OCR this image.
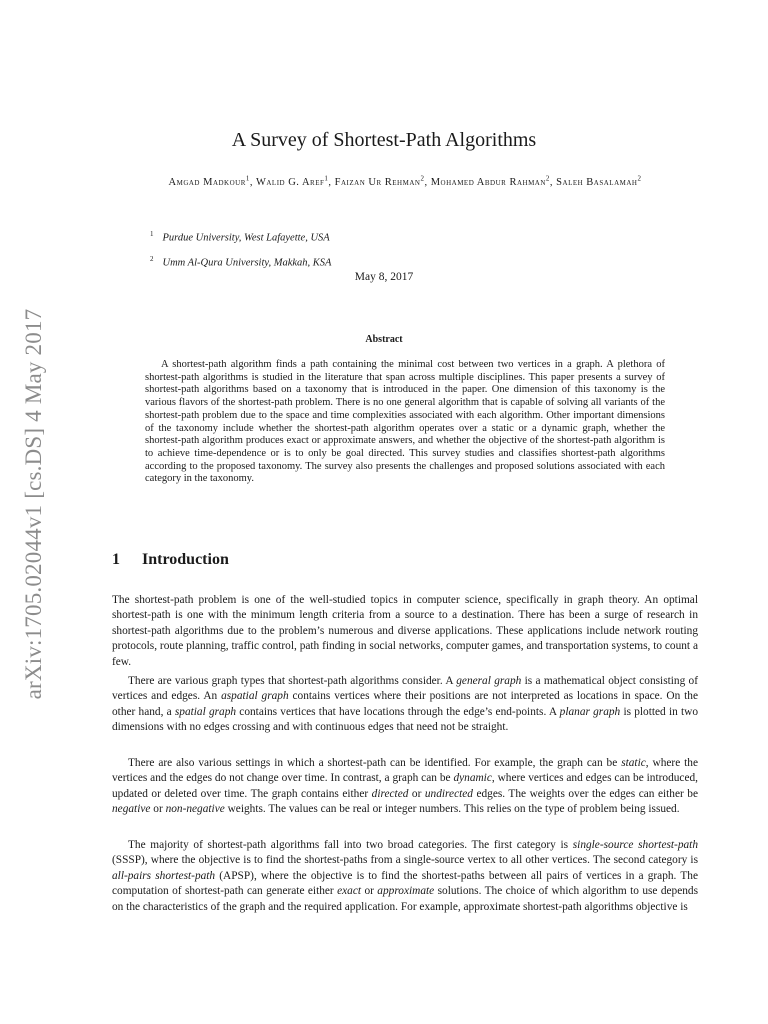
arXiv:1705.02044v1 [cs.DS] 4 May 2017
A Survey of Shortest-Path Algorithms
Amgad Madkour$^1$, Walid G. Aref$^1$, Faizan Ur Rehman$^2$, Mohamed Abdur Rahman$^2$, Saleh Basalamah$^2$
$^1$ Purdue University, West Lafayette, USA
$^2$ Umm Al-Qura University, Makkah, KSA
May 8, 2017
Abstract

A shortest-path algorithm finds a path containing the minimal cost between two vertices in a graph. A plethora of shortest-path algorithms is studied in the literature that span across multiple disciplines. This paper presents a survey of shortest-path algorithms based on a taxonomy that is introduced in the paper. One dimension of this taxonomy is the various flavors of the shortest-path problem. There is no one general algorithm that is capable of solving all variants of the shortest-path problem due to the space and time complexities associated with each algorithm. Other important dimensions of the taxonomy include whether the shortest-path algorithm operates over a static or a dynamic graph, whether the shortest-path algorithm produces exact or approximate answers, and whether the objective of the shortest-path algorithm is to achieve time-dependence or is to only be goal directed. This survey studies and classifies shortest-path algorithms according to the proposed taxonomy. The survey also presents the challenges and proposed solutions associated with each category in the taxonomy.

1 Introduction

The shortest-path problem is one of the well-studied topics in computer science, specifically in graph theory. An optimal shortest-path is one with the minimum length criteria from a source to a destination. There has been a surge of research in shortest-path algorithms due to the problem’s numerous and diverse applications. These applications include network routing protocols, route planning, traffic control, path finding in social networks, computer games, and transportation systems, to count a few.

There are various graph types that shortest-path algorithms consider. A general graph is a mathematical object consisting of vertices and edges. An aspatial graph contains vertices where their positions are not interpreted as locations in space. On the other hand, a spatial graph contains vertices that have locations through the edge’s end-points. A planar graph is plotted in two dimensions with no edges crossing and with continuous edges that need not be straight.

There are also various settings in which a shortest-path can be identified. For example, the graph can be static, where the vertices and the edges do not change over time. In contrast, a graph can be dynamic, where vertices and edges can be introduced, updated or deleted over time. The graph contains either directed or undirected edges. The weights over the edges can either be negative or non-negative weights. The values can be real or integer numbers. This relies on the type of problem being issued.

The majority of shortest-path algorithms fall into two broad categories. The first category is single-source shortest-path (SSSP), where the objective is to find the shortest-paths from a single-source vertex to all other vertices. The second category is all-pairs shortest-path (APSP), where the objective is to find the shortest-paths between all pairs of vertices in a graph. The computation of shortest-path can generate either exact or approximate solutions. The choice of which algorithm to use depends on the characteristics of the graph and the required application. For example, approximate shortest-path algorithms objective is
